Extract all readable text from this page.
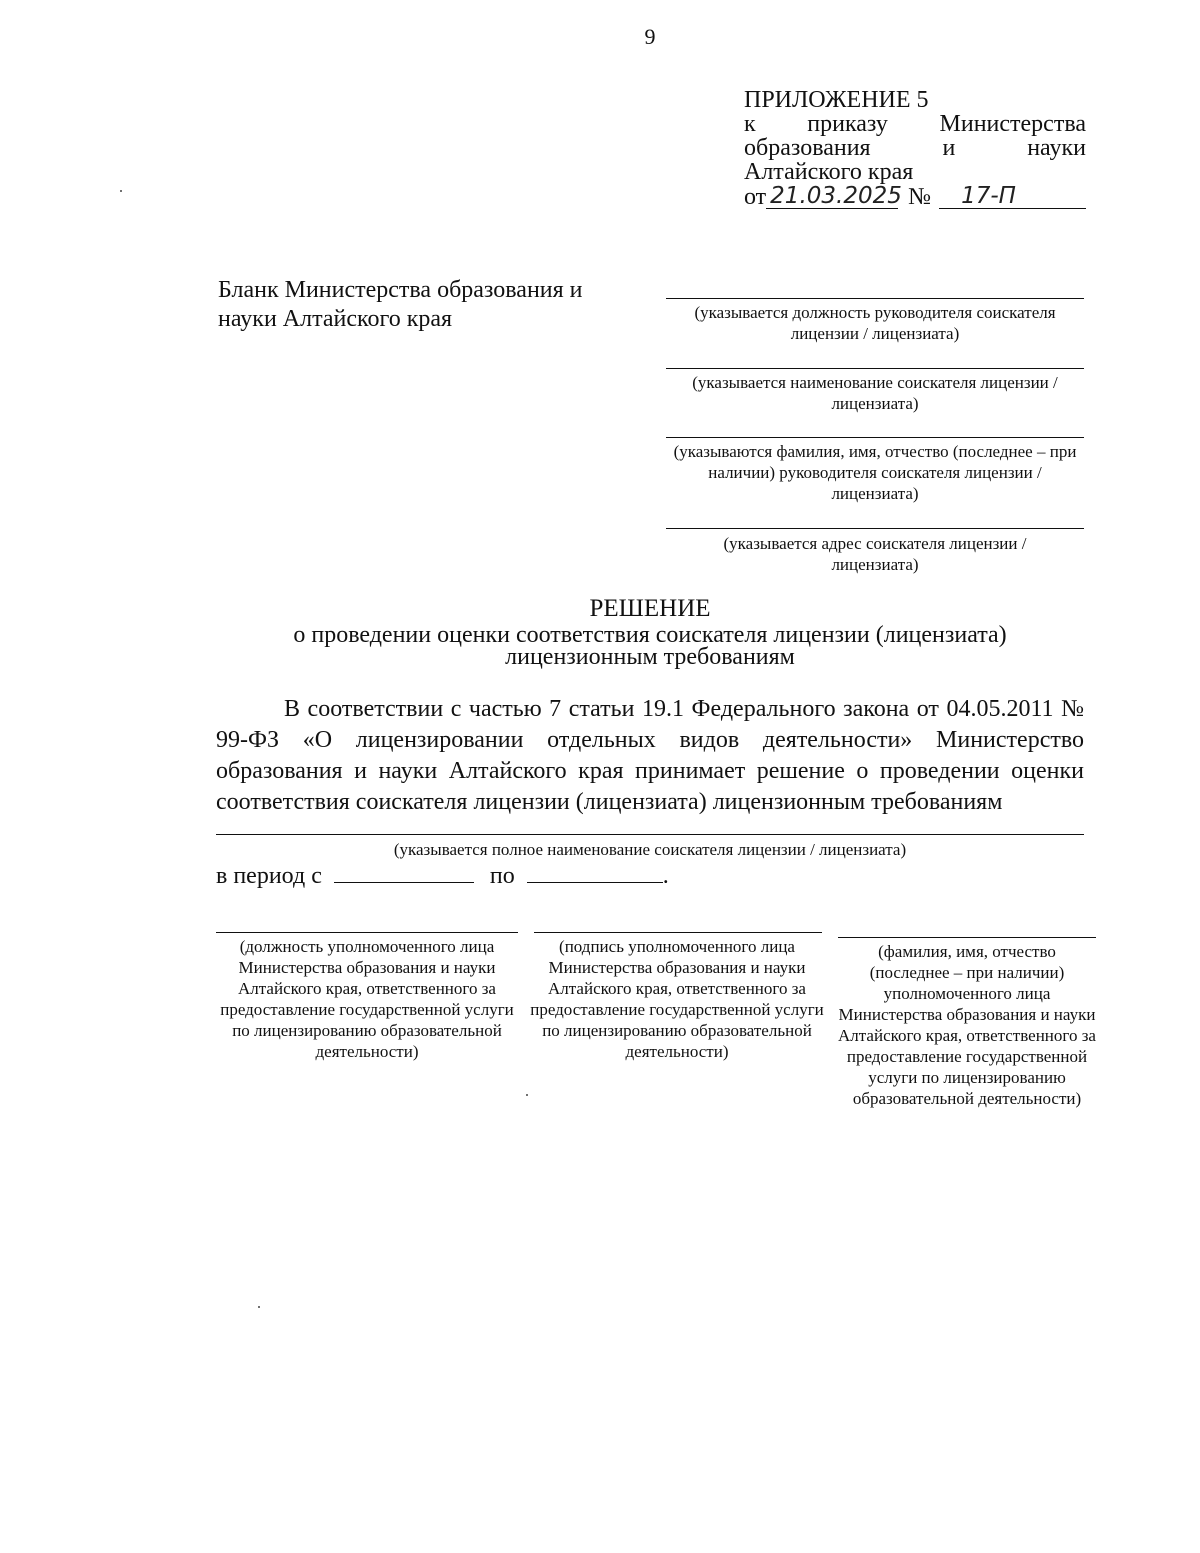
9
ПРИЛОЖЕНИЕ 5
к приказу Министерства
образования	и	науки
Алтайского края
от 21.03.2025 №	17-П
Бланк Министерства образования и науки Алтайского края	(указывается должность руководителя соискателя лицензии / лицензиата)
(указывается наименование соискателя лицензии / лицензиата)
(указываются фамилия, имя, отчество (последнее – при наличии) руководителя соискателя лицензии / лицензиата)
(указывается адрес соискателя лицензии / лицензиата)
РЕШЕНИЕ
о проведении оценки соответствия соискателя лицензии (лицензиата)
лицензионным требованиям
В соответствии с частью 7 статьи 19.1 Федерального закона от 04.05.2011 № 99-ФЗ «О лицензировании отдельных видов деятельности» Министерство образования и науки Алтайского края принимает решение о проведении оценки соответствия соискателя лицензии (лицензиата) лицензионным требованиям
(указывается полное наименование соискателя лицензии / лицензиата)
в период с	по	.
(должность уполномоченного лица Министерства образования и науки Алтайского края, ответственного за предоставление государственной услуги по лицензированию образовательной деятельности)
(подпись уполномоченного лица Министерства образования и науки Алтайского края, ответственного за предоставление государственной услуги по лицензированию образовательной деятельности)
(фамилия, имя, отчество (последнее – при наличии) уполномоченного лица Министерства образования и науки Алтайского края, ответственного за предоставление государственной услуги по лицензированию образовательной деятельности)
